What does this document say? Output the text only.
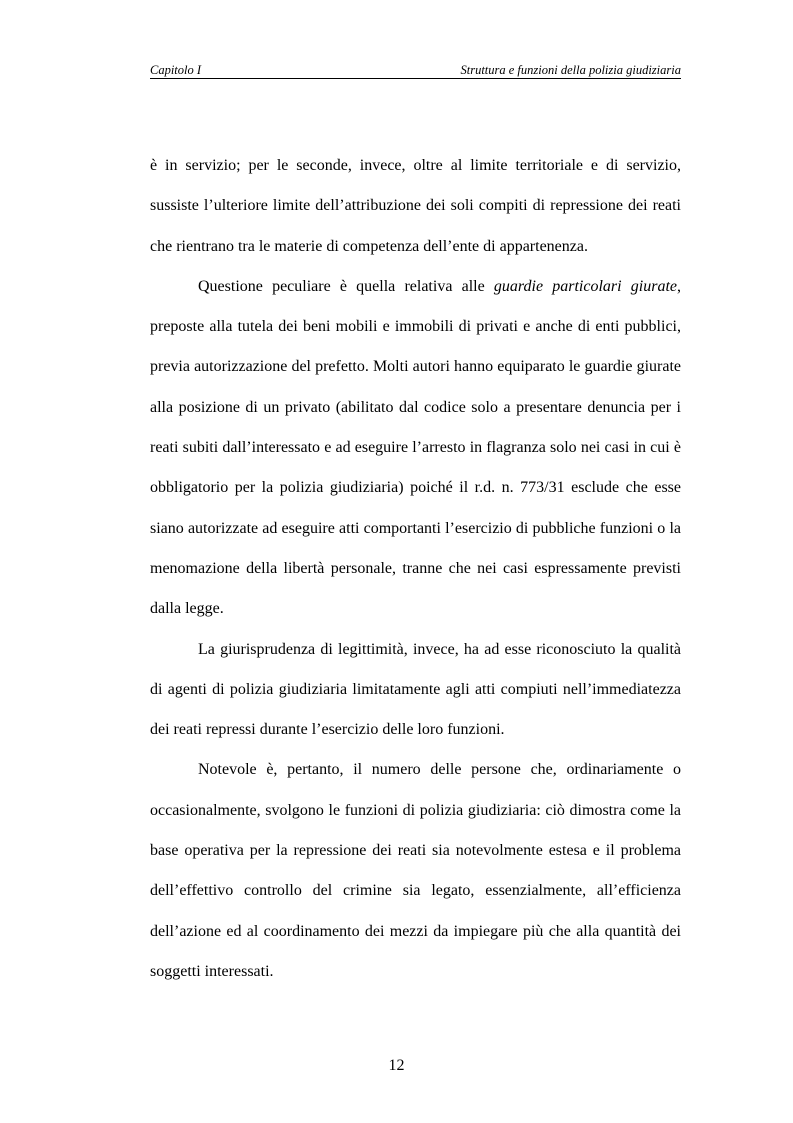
Capitolo I	Struttura e funzioni della polizia giudiziaria

è in servizio; per le seconde, invece, oltre al limite territoriale e di servizio, sussiste l’ulteriore limite dell’attribuzione dei soli compiti di repressione dei reati che rientrano tra le materie di competenza dell’ente di appartenenza.

Questione peculiare è quella relativa alle guardie particolari giurate, preposte alla tutela dei beni mobili e immobili di privati e anche di enti pubblici, previa autorizzazione del prefetto. Molti autori hanno equiparato le guardie giurate alla posizione di un privato (abilitato dal codice solo a presentare denuncia per i reati subiti dall’interessato e ad eseguire l’arresto in flagranza solo nei casi in cui è obbligatorio per la polizia giudiziaria) poiché il r.d. n. 773/31 esclude che esse siano autorizzate ad eseguire atti comportanti l’esercizio di pubbliche funzioni o la menomazione della libertà personale, tranne che nei casi espressamente previsti dalla legge.

La giurisprudenza di legittimità, invece, ha ad esse riconosciuto la qualità di agenti di polizia giudiziaria limitatamente agli atti compiuti nell’immediatezza dei reati repressi durante l’esercizio delle loro funzioni.

Notevole è, pertanto, il numero delle persone che, ordinariamente o occasionalmente, svolgono le funzioni di polizia giudiziaria: ciò dimostra come la base operativa per la repressione dei reati sia notevolmente estesa e il problema dell’effettivo controllo del crimine sia legato, essenzialmente, all’efficienza dell’azione ed al coordinamento dei mezzi da impiegare più che alla quantità dei soggetti interessati.

12
